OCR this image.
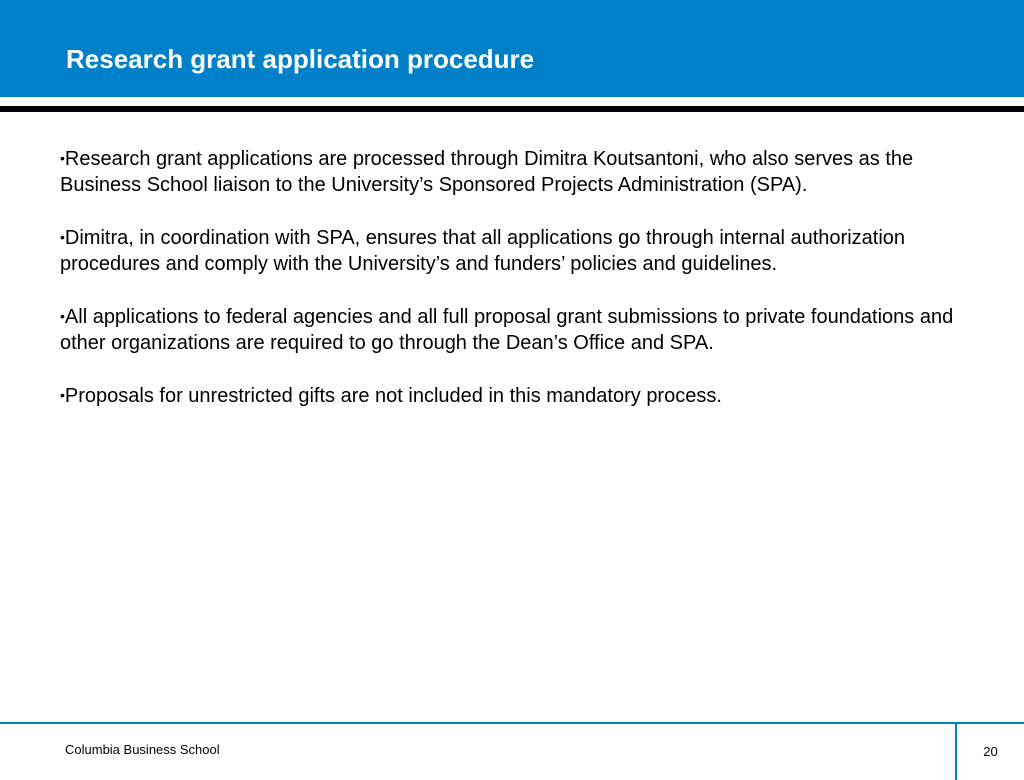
Research grant application procedure

•Research grant applications are processed through Dimitra Koutsantoni, who also serves as the Business School liaison to the University’s Sponsored Projects Administration (SPA).

•Dimitra, in coordination with SPA, ensures that all applications go through internal authorization procedures and comply with the University’s and funders’ policies and guidelines.

•All applications to federal agencies and all full proposal grant submissions to private foundations and other organizations are required to go through the Dean’s Office and SPA.

•Proposals for unrestricted gifts are not included in this mandatory process.

Columbia Business School	20
